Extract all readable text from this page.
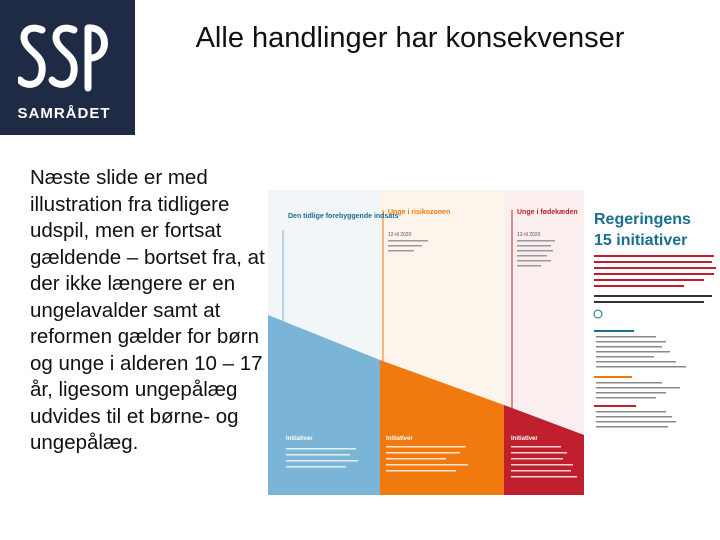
SAMRÅDET
Alle handlinger har konsekvenser
Næste slide er med illustration fra tidligere udspil, men er fortsat gældende – bortset fra, at der ikke længere er en ungelavalder samt at reformen gælder for børn og unge i alderen 10 – 17 år, ligesom ungepålæg udvides til et børne- og ungepålæg.
Den tidlige forebyggende indsats
Unge i risikozonen	Unge i fødekæden
12-til 2020	12-til 2020
Initiativer	Initiativer	Initiativer
Regeringens 15 initiativer
